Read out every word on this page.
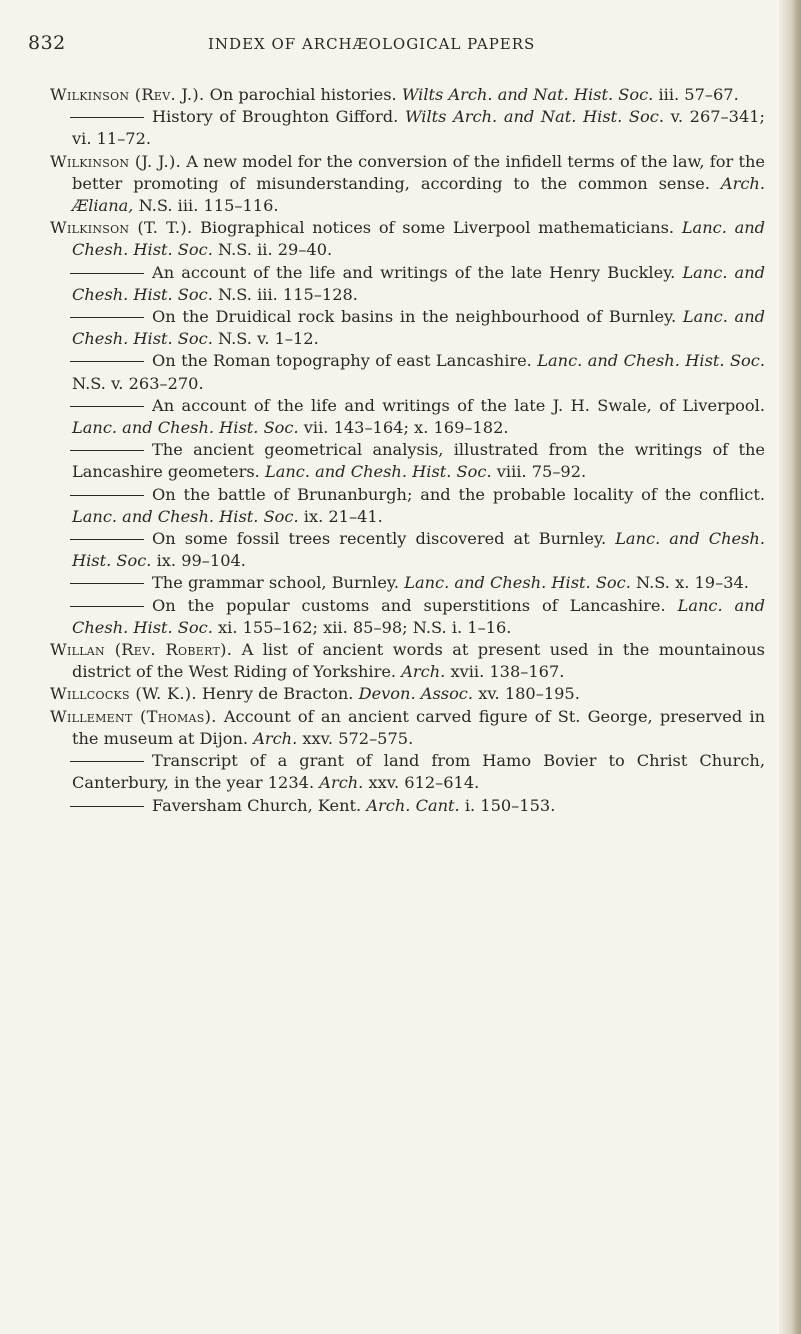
832	INDEX OF ARCHÆOLOGICAL PAPERS

Wilkinson (Rev. J.). On parochial histories. Wilts Arch. and Nat. Hist. Soc. iii. 57–67.

History of Broughton Gifford. Wilts Arch. and Nat. Hist. Soc. v. 267–341; vi. 11–72.

Wilkinson (J. J.). A new model for the conversion of the infidell terms of the law, for the better promoting of misunderstanding, according to the common sense. Arch. Æliana, N.S. iii. 115–116.

Wilkinson (T. T.). Biographical notices of some Liverpool mathematicians. Lanc. and Chesh. Hist. Soc. N.S. ii. 29–40.

An account of the life and writings of the late Henry Buckley. Lanc. and Chesh. Hist. Soc. N.S. iii. 115–128.

On the Druidical rock basins in the neighbourhood of Burnley. Lanc. and Chesh. Hist. Soc. N.S. v. 1–12.

On the Roman topography of east Lancashire. Lanc. and Chesh. Hist. Soc. N.S. v. 263–270.

An account of the life and writings of the late J. H. Swale, of Liverpool. Lanc. and Chesh. Hist. Soc. vii. 143–164; x. 169–182.

The ancient geometrical analysis, illustrated from the writings of the Lancashire geometers. Lanc. and Chesh. Hist. Soc. viii. 75–92.

On the battle of Brunanburgh; and the probable locality of the conflict. Lanc. and Chesh. Hist. Soc. ix. 21–41.

On some fossil trees recently discovered at Burnley. Lanc. and Chesh. Hist. Soc. ix. 99–104.

The grammar school, Burnley. Lanc. and Chesh. Hist. Soc. N.S. x. 19–34.

On the popular customs and superstitions of Lancashire. Lanc. and Chesh. Hist. Soc. xi. 155–162; xii. 85–98; N.S. i. 1–16.

Willan (Rev. Robert). A list of ancient words at present used in the mountainous district of the West Riding of Yorkshire. Arch. xvii. 138–167.

Willcocks (W. K.). Henry de Bracton. Devon. Assoc. xv. 180–195.

Willement (Thomas). Account of an ancient carved figure of St. George, preserved in the museum at Dijon. Arch. xxv. 572–575.

Transcript of a grant of land from Hamo Bovier to Christ Church, Canterbury, in the year 1234. Arch. xxv. 612–614.

Faversham Church, Kent. Arch. Cant. i. 150–153.
